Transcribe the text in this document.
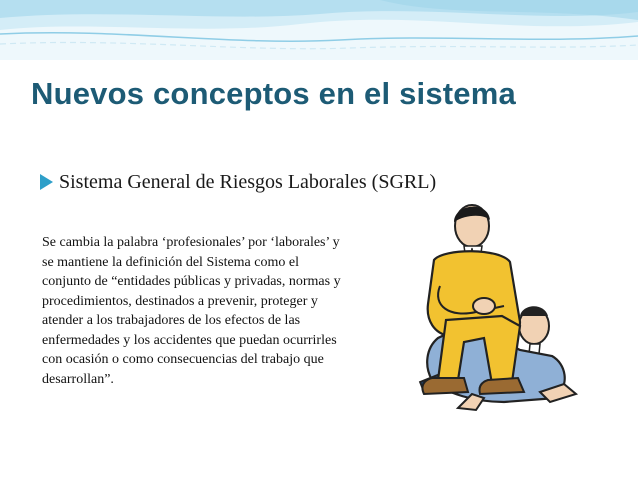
Nuevos conceptos en el sistema
Sistema General de Riesgos Laborales (SGRL)

Se cambia la palabra ‘profesionales’ por ‘laborales’ y se mantiene la definición del Sistema como el conjunto de “entidades públicas y privadas, normas y procedimientos, destinados a prevenir, proteger y atender a los trabajadores de los efectos de las enfermedades y los accidentes que puedan ocurrirles con ocasión o como consecuencias del trabajo que desarrollan”.
